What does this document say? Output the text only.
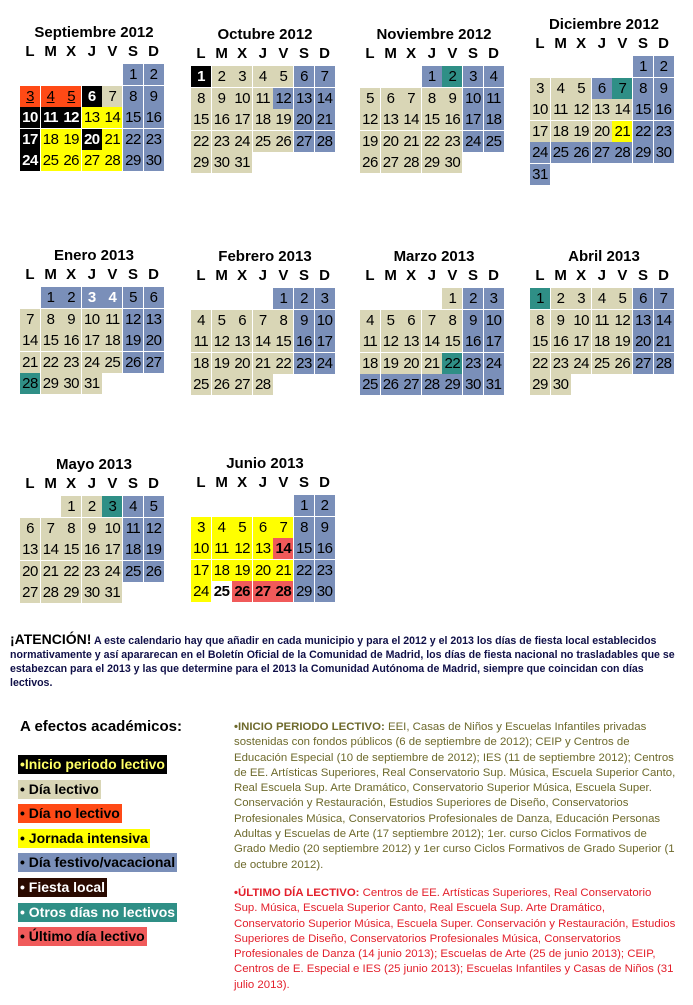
Septiembre 2012
L M X J V S D
1 2
3 4 5 6 7 8 9
10 11 12 13 14 15 16
17 18 19 20 21 22 23
24 25 26 27 28 29 30
Octubre 2012
L M X J V S D
1 2 3 4 5 6 7
8 9 10 11 12 13 14
15 16 17 18 19 20 21
22 23 24 25 26 27 28
29 30 31
Noviembre 2012
L M X J V S D
1 2 3 4
5 6 7 8 9 10 11
12 13 14 15 16 17 18
19 20 21 22 23 24 25
26 27 28 29 30
Diciembre 2012
L M X J V S D
1 2
3 4 5 6 7 8 9
10 11 12 13 14 15 16
17 18 19 20 21 22 23
24 25 26 27 28 29 30
31
Enero 2013
L M X J V S D
1 2 3 4 5 6
7 8 9 10 11 12 13
14 15 16 17 18 19 20
21 22 23 24 25 26 27
28 29 30 31
Febrero 2013
L M X J V S D
1 2 3
4 5 6 7 8 9 10
11 12 13 14 15 16 17
18 19 20 21 22 23 24
25 26 27 28
Marzo 2013
L M X J V S D
1 2 3
4 5 6 7 8 9 10
11 12 13 14 15 16 17
18 19 20 21 22 23 24
25 26 27 28 29 30 31
Abril 2013
L M X J V S D
1 2 3 4 5 6 7
8 9 10 11 12 13 14
15 16 17 18 19 20 21
22 23 24 25 26 27 28
29 30
Mayo 2013
L M X J V S D
1 2 3 4 5
6 7 8 9 10 11 12
13 14 15 16 17 18 19
20 21 22 23 24 25 26
27 28 29 30 31
Junio 2013
L M X J V S D
1 2
3 4 5 6 7 8 9
10 11 12 13 14 15 16
17 18 19 20 21 22 23
24 25 26 27 28 29 30
¡ATENCIÓN! A este calendario hay que añadir en cada municipio y para el 2012 y el 2013 los días de fiesta local establecidos normativamente y así apararecan en el Boletín Oficial de la Comunidad de Madrid, los días de fiesta nacional no trasladables que se estabezcan para el 2013 y las que determine para el 2013 la Comunidad Autónoma de Madrid, siempre que coincidan con días lectivos.
A efectos académicos:
•Inicio periodo lectivo
• Día lectivo
• Día no lectivo
• Jornada intensiva
• Día festivo/vacacional
• Fiesta local
• Otros días no lectivos
• Último día lectivo
•INICIO PERIODO LECTIVO: EEI, Casas de Niños y Escuelas Infantiles privadas sostenidas con fondos públicos (6 de septiembre de 2012); CEIP y Centros de Educación Especial (10 de septiembre de 2012); IES (11 de septiembre 2012); Centros de EE. Artísticas Superiores, Real Conservatorio Sup. Música, Escuela Superior Canto, Real Escuela Sup. Arte Dramático, Conservatorio Superior Música, Escuela Super. Conservación y Restauración, Estudios Superiores de Diseño, Conservatorios Profesionales Música, Conservatorios Profesionales de Danza, Educación Personas Adultas y Escuelas de Arte (17 septiembre 2012); 1er. curso Ciclos Formativos de Grado Medio (20 septiembre 2012) y 1er curso Ciclos Formativos de Grado Superior (1 de octubre 2012).
•ÚLTIMO DÍA LECTIVO: Centros de EE. Artísticas Superiores, Real Conservatorio Sup. Música, Escuela Superior Canto, Real Escuela Sup. Arte Dramático, Conservatorio Superior Música, Escuela Super. Conservación y Restauración, Estudios Superiores de Diseño, Conservatorios Profesionales Música, Conservatorios Profesionales de Danza (14 junio 2013); Escuelas de Arte (25 de junio 2013); CEIP, Centros de E. Especial e IES (25 junio 2013); Escuelas Infantiles y Casas de Niños (31 julio 2013).
